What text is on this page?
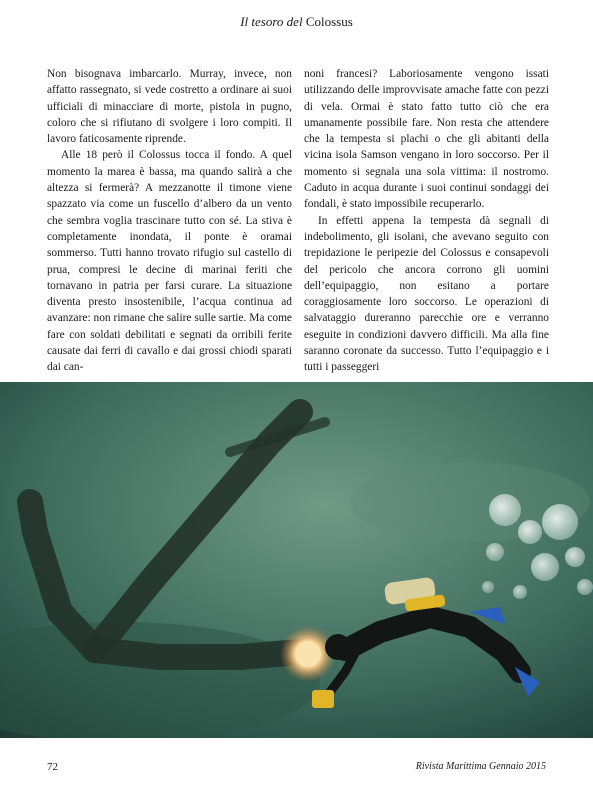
Il tesoro del Colossus

Non bisognava imbarcarlo. Murray, invece, non affatto rassegnato, si vede costretto a ordinare ai suoi ufficiali di minacciare di morte, pistola in pugno, coloro che si rifiutano di svolgere i loro compiti. Il lavoro faticosamente riprende.

Alle 18 però il Colossus tocca il fondo. A quel momento la marea è bassa, ma quando salirà a che altezza si fermerà? A mezzanotte il timone viene spazzato via come un fuscello d’albero da un vento che sembra voglia trascinare tutto con sé. La stiva è completamente inondata, il ponte è oramai sommerso. Tutti hanno trovato rifugio sul castello di prua, compresi le decine di marinai feriti che tornavano in patria per farsi curare. La situazione diventa presto insostenibile, l’acqua continua ad avanzare: non rimane che salire sulle sartie. Ma come fare con soldati debilitati e segnati da orribili ferite causate dai ferri di cavallo e dai grossi chiodi sparati dai can-

noni francesi? Laboriosamente vengono issati utilizzando delle improvvisate amache fatte con pezzi di vela. Ormai è stato fatto tutto ciò che era umanamente possibile fare. Non resta che attendere che la tempesta si plachi o che gli abitanti della vicina isola Samson vengano in loro soccorso. Per il momento si segnala una sola vittima: il nostromo. Caduto in acqua durante i suoi continui sondaggi dei fondali, è stato impossibile recuperarlo.

In effetti appena la tempesta dà segnali di indebolimento, gli isolani, che avevano seguito con trepidazione le peripezie del Colossus e consapevoli del pericolo che ancora corrono gli uomini dell’equipaggio, non esitano a portare coraggiosamente loro soccorso. Le operazioni di salvataggio dureranno parecchie ore e verranno eseguite in condizioni davvero difficili. Ma alla fine saranno coronate da successo. Tutto l’equipaggio e i tutti i passeggeri

72	Rivista Marittima Gennaio 2015
